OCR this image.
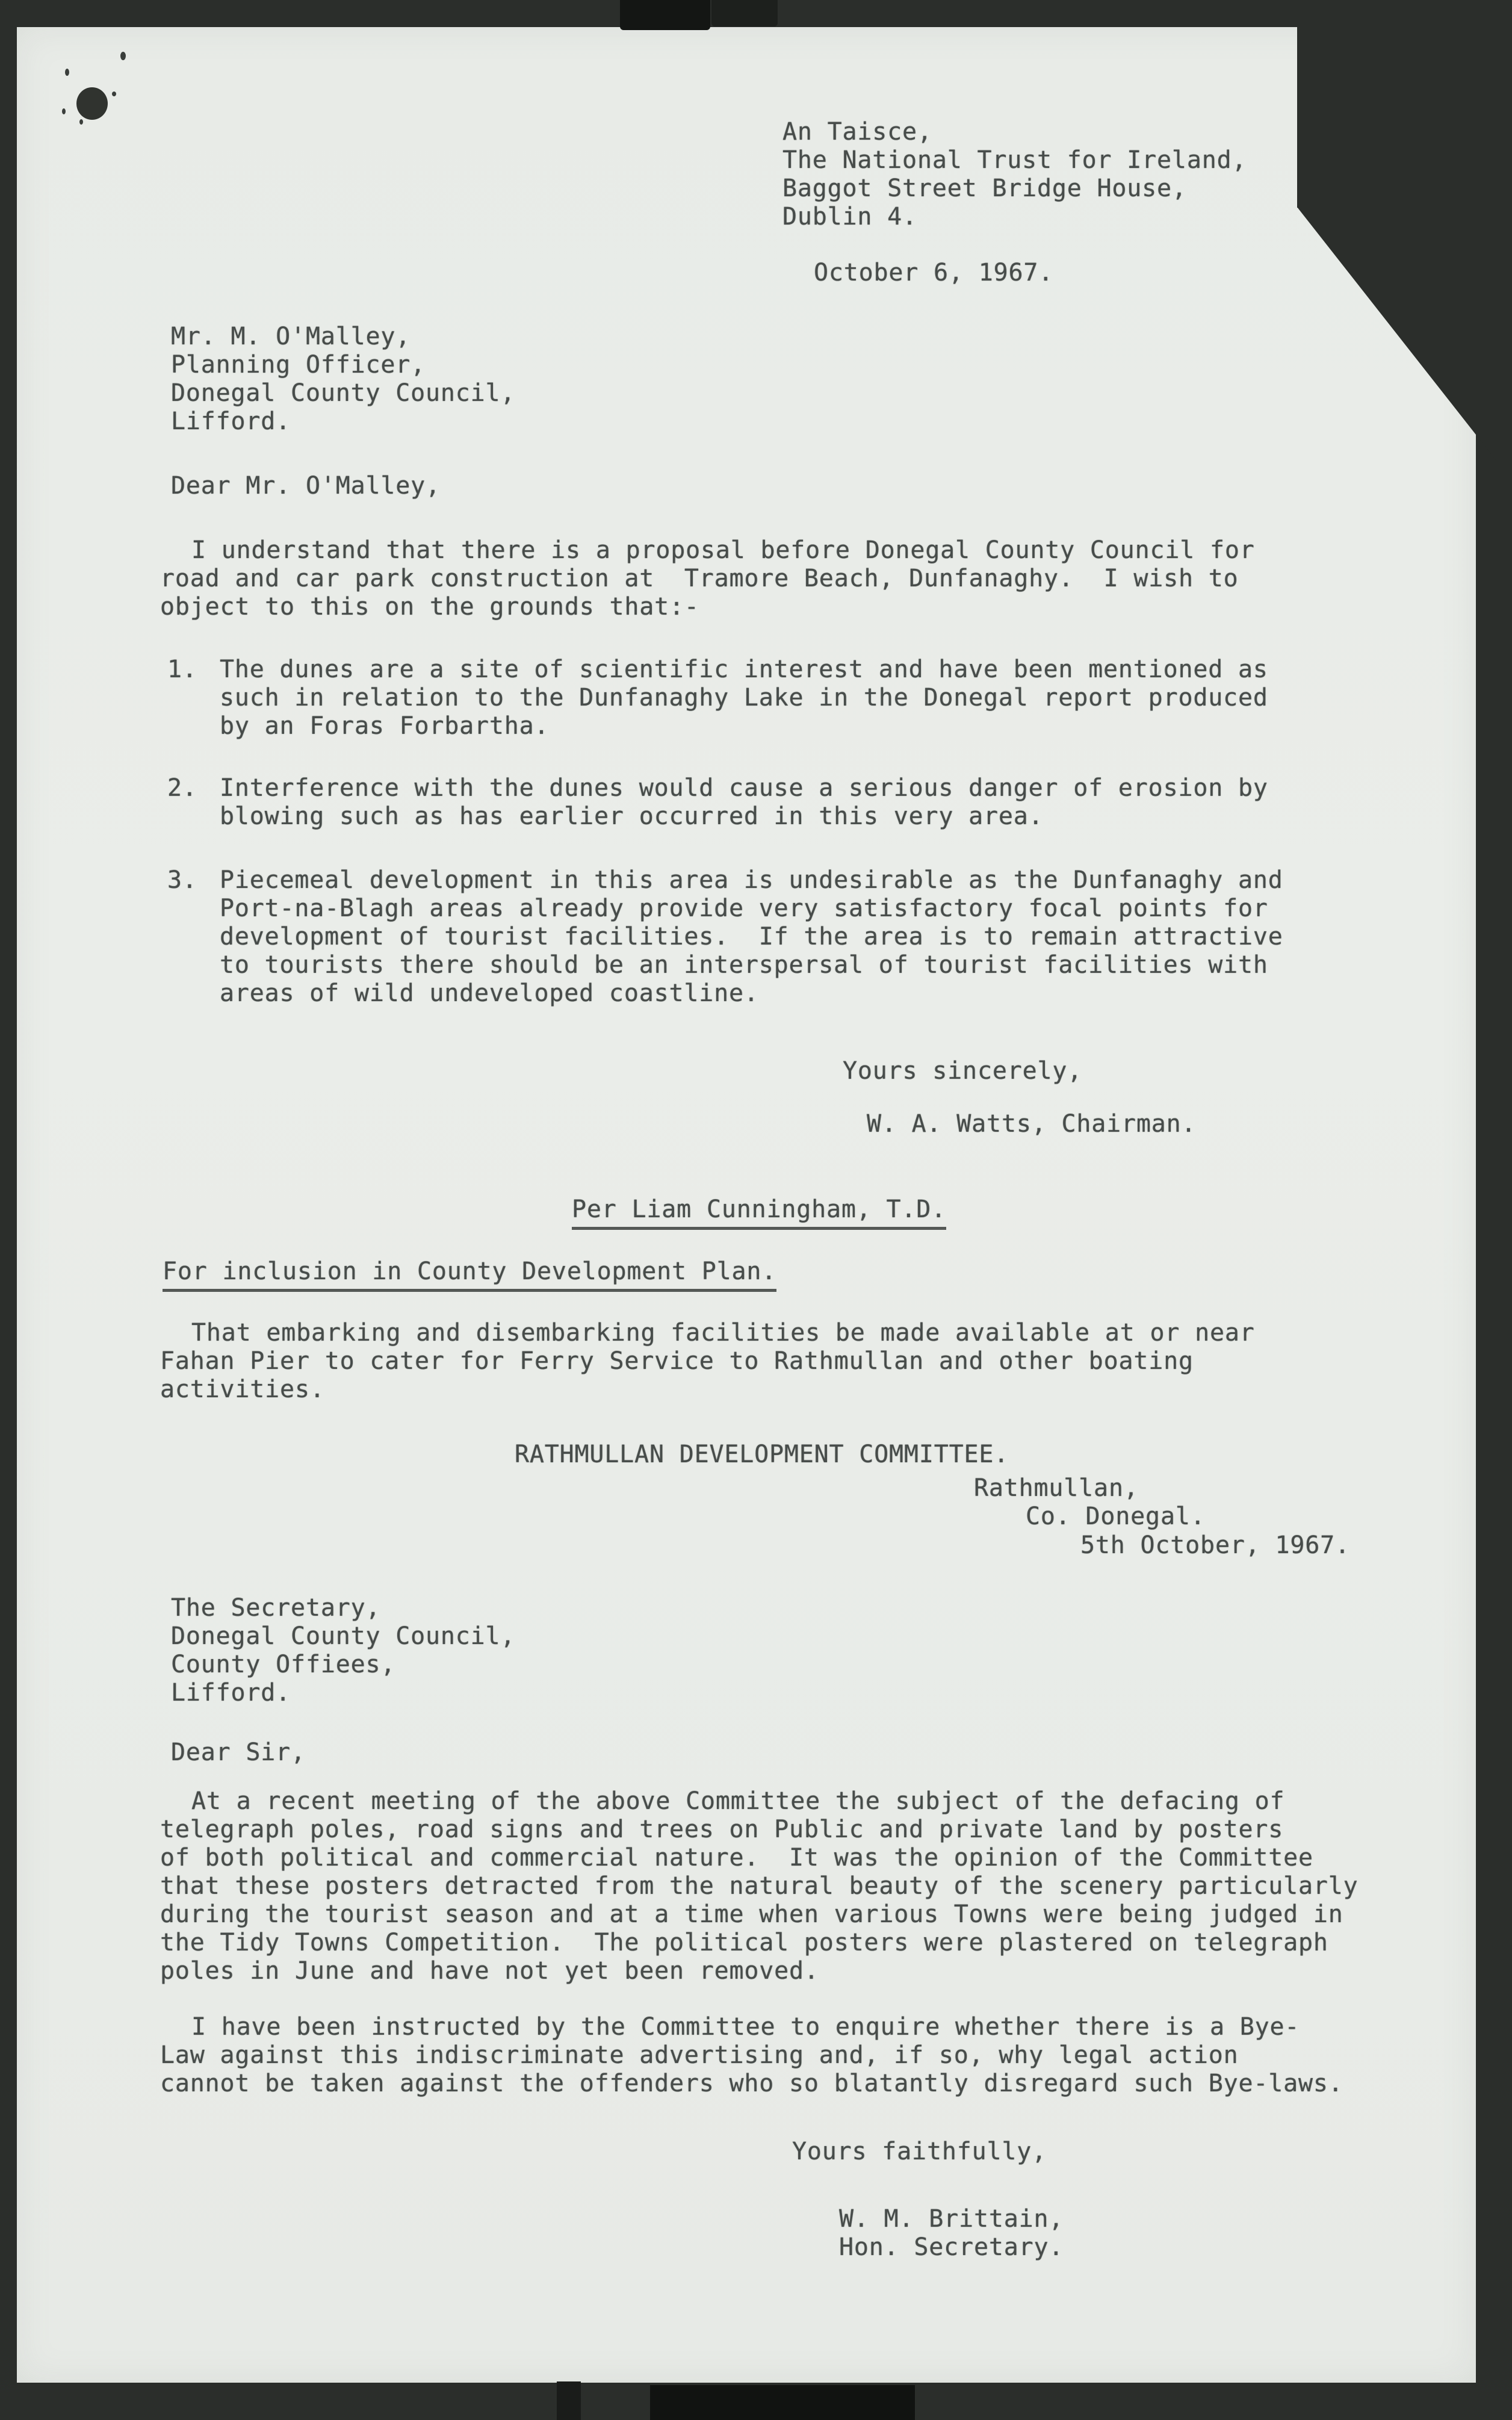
An Taisce,
The National Trust for Ireland,
Baggot Street Bridge House,
Dublin 4.
October 6, 1967.
Mr. M. O'Malley,
Planning Officer,
Donegal County Council,
Lifford.
Dear Mr. O'Malley,
I understand that there is a proposal before Donegal County Council for
road and car park construction at  Tramore Beach, Dunfanaghy.  I wish to
object to this on the grounds that:-
1. The dunes are a site of scientific interest and have been mentioned as
such in relation to the Dunfanaghy Lake in the Donegal report produced
by an Foras Forbartha.
2. Interference with the dunes would cause a serious danger of erosion by
blowing such as has earlier occurred in this very area.
3. Piecemeal development in this area is undesirable as the Dunfanaghy and
Port-na-Blagh areas already provide very satisfactory focal points for
development of tourist facilities.  If the area is to remain attractive
to tourists there should be an interspersal of tourist facilities with
areas of wild undeveloped coastline.
Yours sincerely,
W. A. Watts, Chairman.
Per Liam Cunningham, T.D.
For inclusion in County Development Plan.
That embarking and disembarking facilities be made available at or near
Fahan Pier to cater for Ferry Service to Rathmullan and other boating
activities.
RATHMULLAN DEVELOPMENT COMMITTEE.
Rathmullan,
Co. Donegal.
5th October, 1967.
The Secretary,
Donegal County Council,
County Offiees,
Lifford.
Dear Sir,
At a recent meeting of the above Committee the subject of the defacing of
telegraph poles, road signs and trees on Public and private land by posters
of both political and commercial nature.  It was the opinion of the Committee
that these posters detracted from the natural beauty of the scenery particularly
during the tourist season and at a time when various Towns were being judged in
the Tidy Towns Competition.  The political posters were plastered on telegraph
poles in June and have not yet been removed.
I have been instructed by the Committee to enquire whether there is a Bye-
Law against this indiscriminate advertising and, if so, why legal action
cannot be taken against the offenders who so blatantly disregard such Bye-laws.
Yours faithfully,
W. M. Brittain,
Hon. Secretary.
